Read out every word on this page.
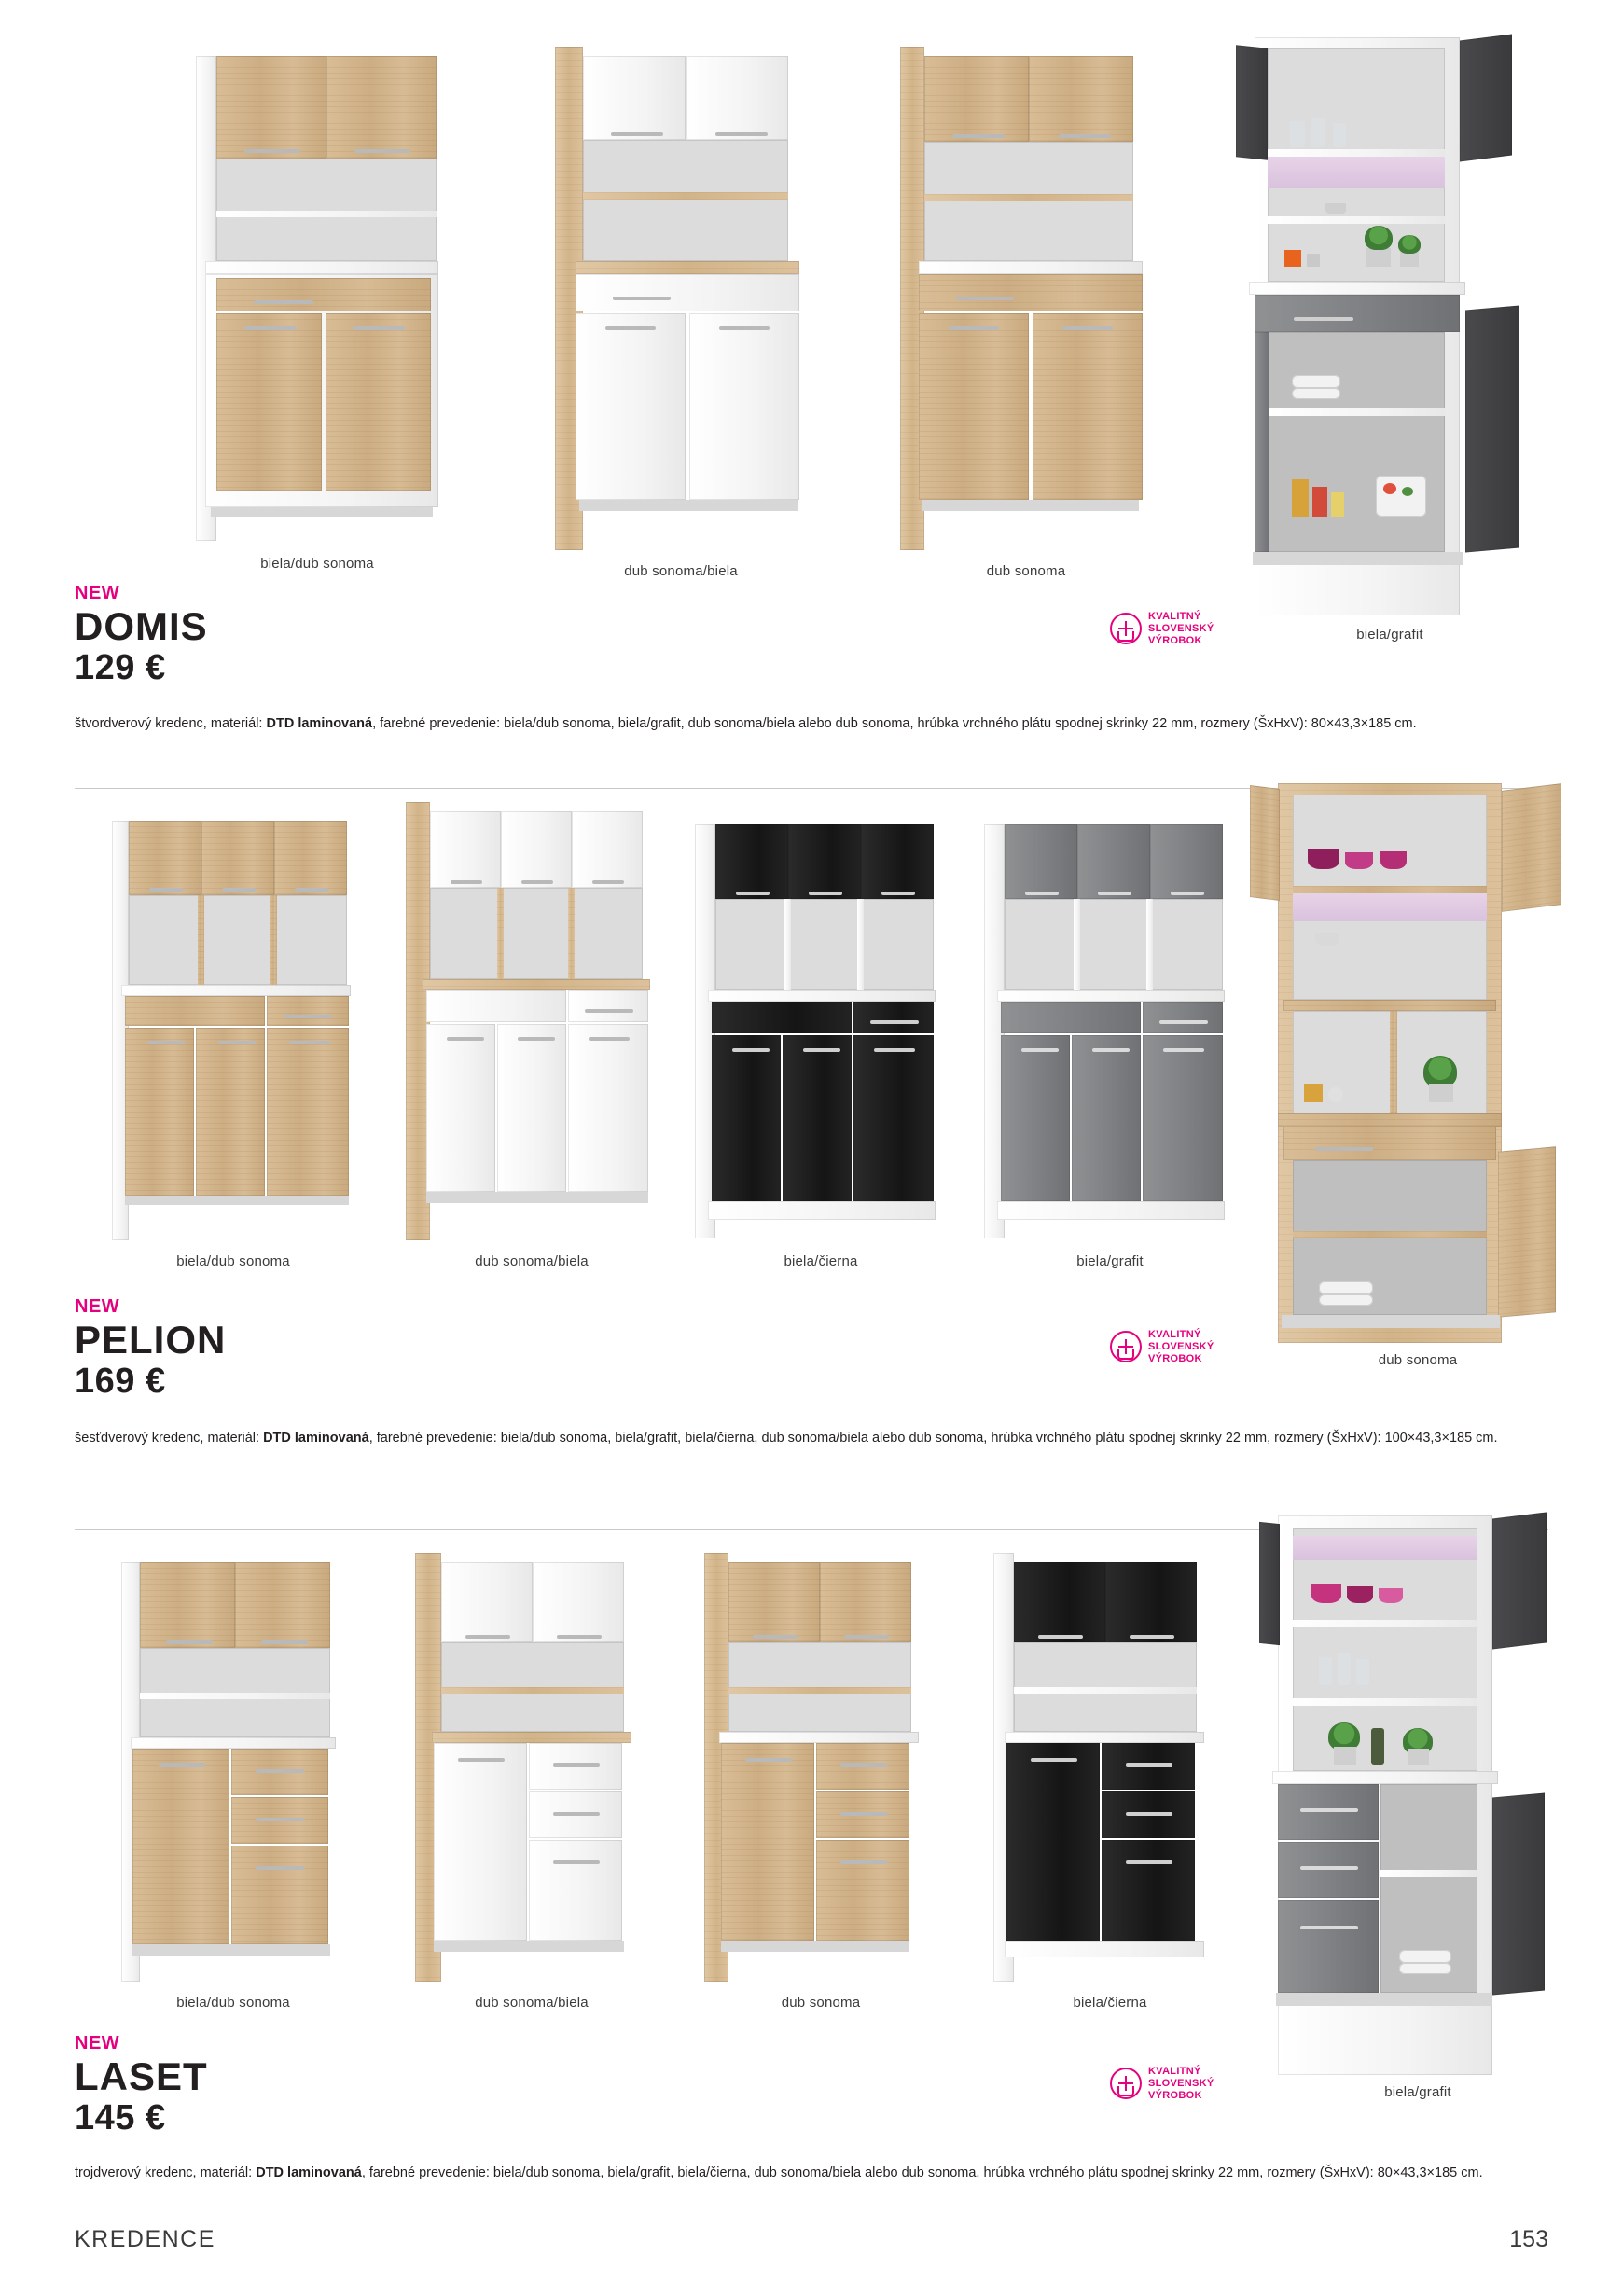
biela/dub sonoma	dub sonoma/biela	dub sonoma
biela/grafit
NEW
DOMIS
129 €
KVALITNÝ
SLOVENSKÝ
VÝROBOK
štvordverový kredenc, materiál: DTD laminovaná, farebné prevedenie: biela/dub sonoma, biela/grafit, dub sonoma/biela alebo dub sonoma, hrúbka vrchného plátu spodnej skrinky 22 mm, rozmery (ŠxHxV): 80×43,3×185 cm.
biela/dub sonoma	dub sonoma/biela	biela/čierna	biela/grafit
dub sonoma
NEW
PELION
169 €
KVALITNÝ
SLOVENSKÝ
VÝROBOK
šesťdverový kredenc, materiál: DTD laminovaná, farebné prevedenie: biela/dub sonoma, biela/grafit, biela/čierna, dub sonoma/biela alebo dub sonoma, hrúbka vrchného plátu spodnej skrinky 22 mm, rozmery (ŠxHxV): 100×43,3×185 cm.
biela/dub sonoma	dub sonoma/biela	dub sonoma	biela/čierna
biela/grafit
NEW
LASET
145 €
KVALITNÝ
SLOVENSKÝ
VÝROBOK
trojdverový kredenc, materiál: DTD laminovaná, farebné prevedenie: biela/dub sonoma, biela/grafit, biela/čierna, dub sonoma/biela alebo dub sonoma, hrúbka vrchného plátu spodnej skrinky 22 mm, rozmery (ŠxHxV): 80×43,3×185 cm.
KREDENCE	153
